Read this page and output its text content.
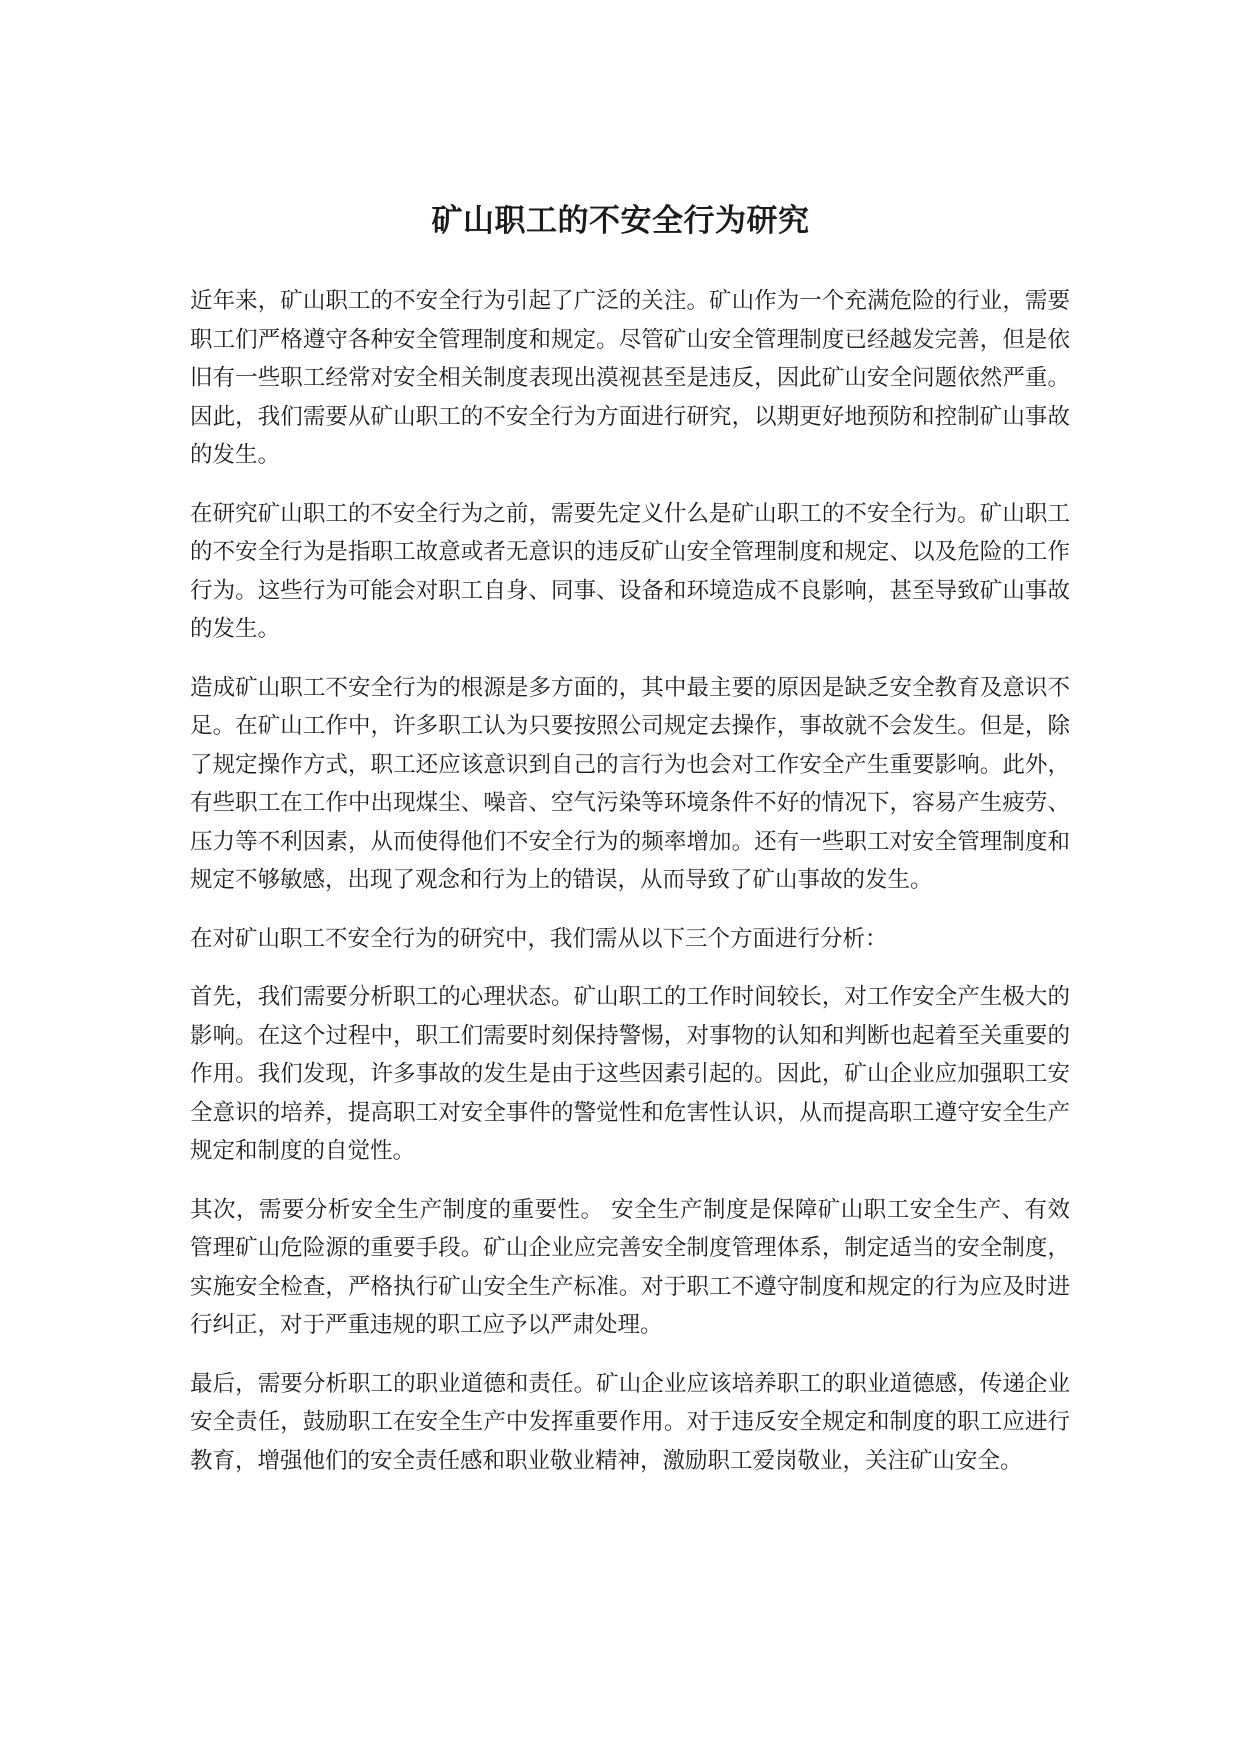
矿山职工的不安全行为研究

近年来，矿山职工的不安全行为引起了广泛的关注。矿山作为一个充满危险的行业，需要职工们严格遵守各种安全管理制度和规定。尽管矿山安全管理制度已经越发完善，但是依旧有一些职工经常对安全相关制度表现出漠视甚至是违反，因此矿山安全问题依然严重。因此，我们需要从矿山职工的不安全行为方面进行研究，以期更好地预防和控制矿山事故的发生。

在研究矿山职工的不安全行为之前，需要先定义什么是矿山职工的不安全行为。矿山职工的不安全行为是指职工故意或者无意识的违反矿山安全管理制度和规定、以及危险的工作行为。这些行为可能会对职工自身、同事、设备和环境造成不良影响，甚至导致矿山事故的发生。

造成矿山职工不安全行为的根源是多方面的，其中最主要的原因是缺乏安全教育及意识不足。在矿山工作中，许多职工认为只要按照公司规定去操作，事故就不会发生。但是，除了规定操作方式，职工还应该意识到自己的言行为也会对工作安全产生重要影响。此外，有些职工在工作中出现煤尘、噪音、空气污染等环境条件不好的情况下，容易产生疲劳、压力等不利因素，从而使得他们不安全行为的频率增加。还有一些职工对安全管理制度和规定不够敏感，出现了观念和行为上的错误，从而导致了矿山事故的发生。

在对矿山职工不安全行为的研究中，我们需从以下三个方面进行分析：

首先，我们需要分析职工的心理状态。矿山职工的工作时间较长，对工作安全产生极大的影响。在这个过程中，职工们需要时刻保持警惕，对事物的认知和判断也起着至关重要的作用。我们发现，许多事故的发生是由于这些因素引起的。因此，矿山企业应加强职工安全意识的培养，提高职工对安全事件的警觉性和危害性认识，从而提高职工遵守安全生产规定和制度的自觉性。

其次，需要分析安全生产制度的重要性。 安全生产制度是保障矿山职工安全生产、有效管理矿山危险源的重要手段。矿山企业应完善安全制度管理体系，制定适当的安全制度，实施安全检查，严格执行矿山安全生产标准。对于职工不遵守制度和规定的行为应及时进行纠正，对于严重违规的职工应予以严肃处理。

最后，需要分析职工的职业道德和责任。矿山企业应该培养职工的职业道德感，传递企业安全责任，鼓励职工在安全生产中发挥重要作用。对于违反安全规定和制度的职工应进行教育，增强他们的安全责任感和职业敬业精神，激励职工爱岗敬业，关注矿山安全。
